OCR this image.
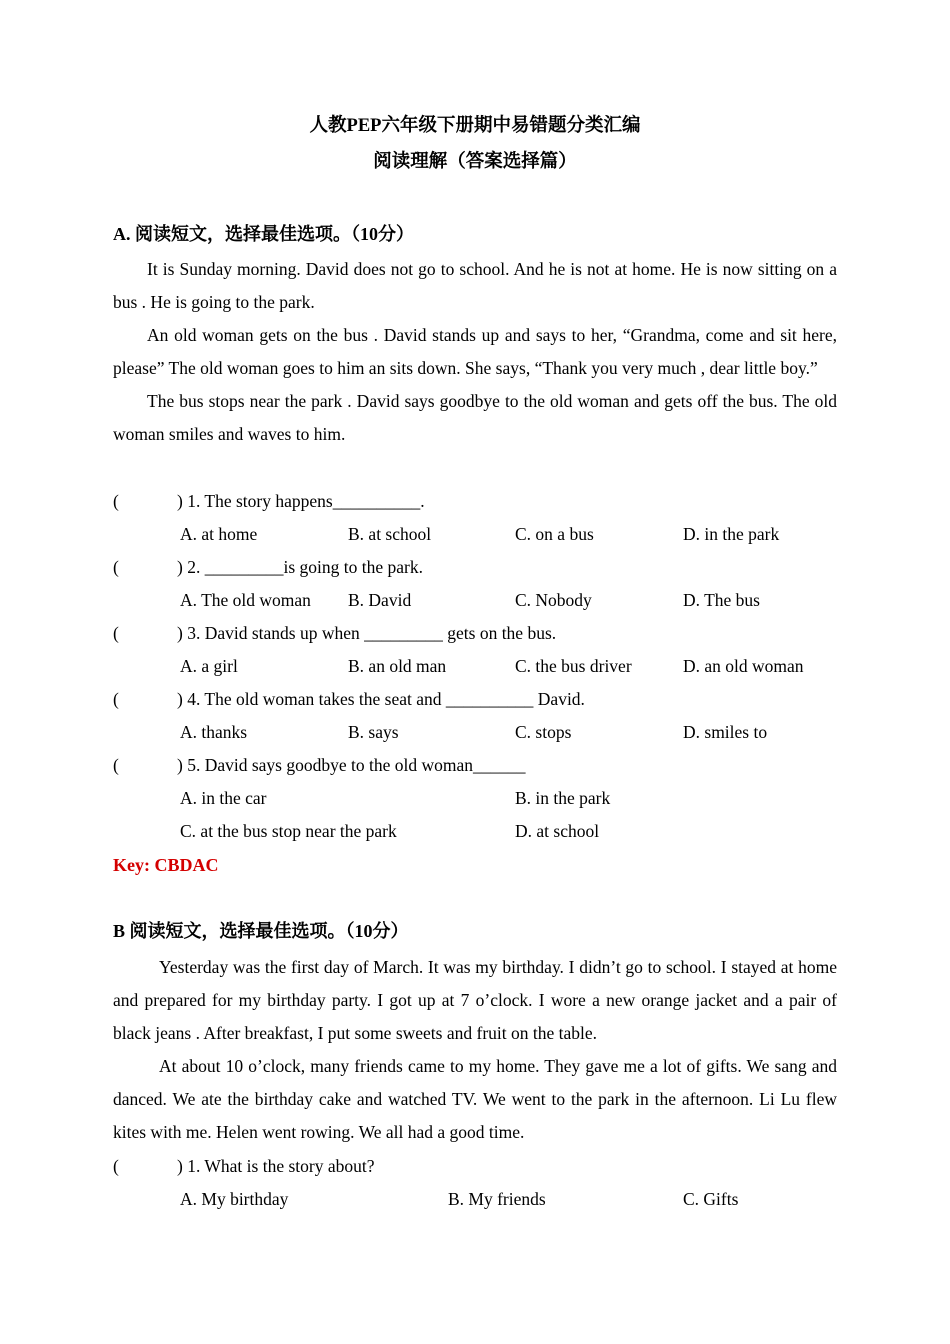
人教PEP六年级下册期中易错题分类汇编
阅读理解（答案选择篇）
A. 阅读短文，选择最佳选项。（10分）

It is Sunday morning. David does not go to school. And he is not at home. He is now sitting on a bus . He is going to the park.

An old woman gets on the bus . David stands up and says to her, “Grandma, come and sit here, please” The old woman goes to him an sits down. She says, “Thank you very much , dear little boy.”

The bus stops near the park . David says goodbye to the old woman and gets off the bus. The old woman smiles and waves to him.

(	) 1. The story happens__________.
A. at home	B. at school	C. on a bus	D. in the park
(	) 2. _________is going to the park.
A. The old woman B. David	C. Nobody	D. The bus
(	) 3. David stands up when _________ gets on the bus.
A. a girl	B. an old man	C. the bus driver	D. an old woman
(	) 4. The old woman takes the seat and __________ David.
A. thanks	B. says	C. stops	D. smiles to
(	) 5. David says goodbye to the old woman______
A. in the car	B. in the park
C. at the bus stop near the park	D. at school
Key: CBDAC
B 阅读短文，选择最佳选项。（10分）

Yesterday was the first day of March. It was my birthday. I didn’t go to school. I stayed at home and prepared for my birthday party. I got up at 7 o’clock. I wore a new orange jacket and a pair of black jeans . After breakfast, I put some sweets and fruit on the table.

At about 10 o’clock, many friends came to my home. They gave me a lot of gifts. We sang and danced. We ate the birthday cake and watched TV. We went to the park in the afternoon. Li Lu flew kites with me. Helen went rowing. We all had a good time.

(	) 1. What is the story about?
A. My birthday	B. My friends	C. Gifts
